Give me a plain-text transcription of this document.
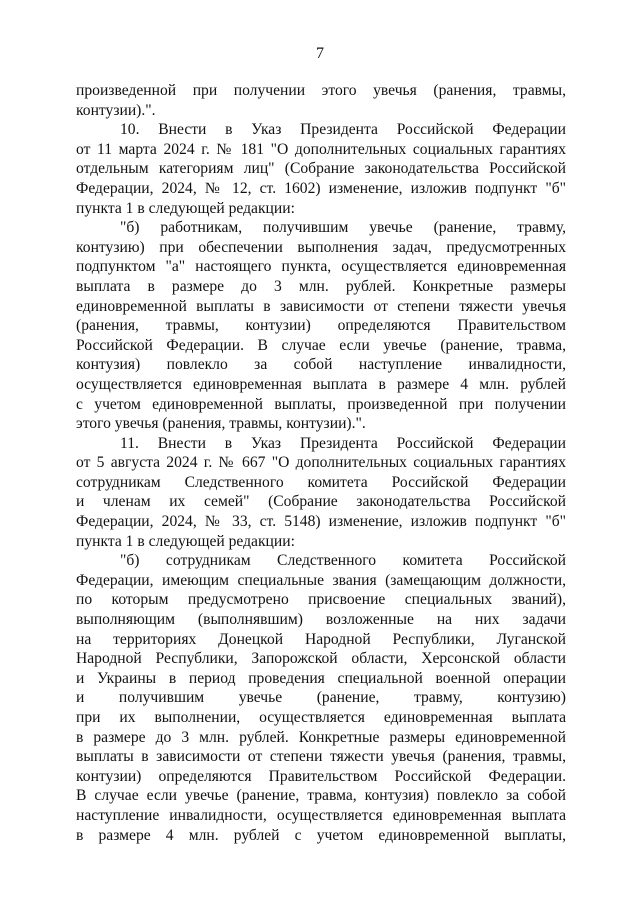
7
произведенной при получении этого увечья (ранения, травмы,
контузии).".
10. Внести в Указ Президента Российской Федерации
от 11 марта 2024 г. № 181 "О дополнительных социальных гарантиях
отдельным категориям лиц" (Собрание законодательства Российской
Федерации, 2024, № 12, ст. 1602) изменение, изложив подпункт "б"
пункта 1 в следующей редакции:
"б) работникам, получившим увечье (ранение, травму,
контузию) при обеспечении выполнения задач, предусмотренных
подпунктом "а" настоящего пункта, осуществляется единовременная
выплата в размере до 3 млн. рублей. Конкретные размеры
единовременной выплаты в зависимости от степени тяжести увечья
(ранения, травмы, контузии) определяются Правительством
Российской Федерации. В случае если увечье (ранение, травма,
контузия) повлекло за собой наступление инвалидности,
осуществляется единовременная выплата в размере 4 млн. рублей
с учетом единовременной выплаты, произведенной при получении
этого увечья (ранения, травмы, контузии).".
11. Внести в Указ Президента Российской Федерации
от 5 августа 2024 г. № 667 "О дополнительных социальных гарантиях
сотрудникам Следственного комитета Российской Федерации
и членам их семей" (Собрание законодательства Российской
Федерации, 2024, № 33, ст. 5148) изменение, изложив подпункт "б"
пункта 1 в следующей редакции:
"б) сотрудникам Следственного комитета Российской
Федерации, имеющим специальные звания (замещающим должности,
по которым предусмотрено присвоение специальных званий),
выполняющим (выполнявшим) возложенные на них задачи
на территориях Донецкой Народной Республики, Луганской
Народной Республики, Запорожской области, Херсонской области
и Украины в период проведения специальной военной операции
и получившим увечье (ранение, травму, контузию)
при их выполнении, осуществляется единовременная выплата
в размере до 3 млн. рублей. Конкретные размеры единовременной
выплаты в зависимости от степени тяжести увечья (ранения, травмы,
контузии) определяются Правительством Российской Федерации.
В случае если увечье (ранение, травма, контузия) повлекло за собой
наступление инвалидности, осуществляется единовременная выплата
в размере 4 млн. рублей с учетом единовременной выплаты,
